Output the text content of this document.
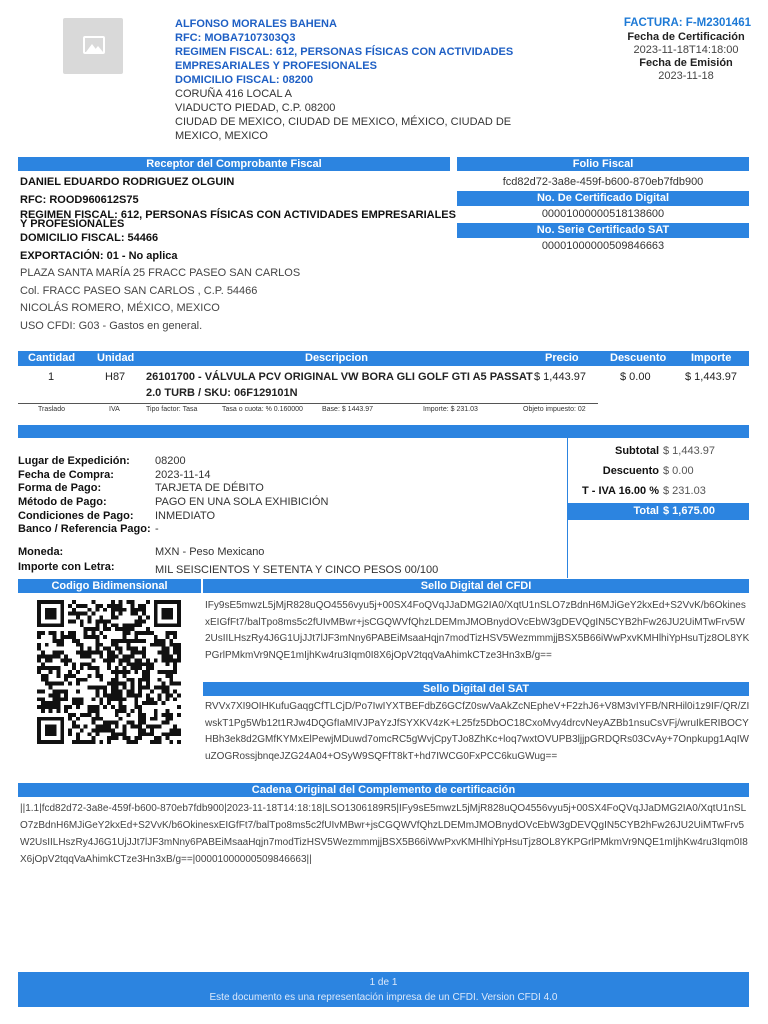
ALFONSO MORALES BAHENA
RFC: MOBA7107303Q3
REGIMEN FISCAL: 612, PERSONAS FÍSICAS CON ACTIVIDADES EMPRESARIALES Y PROFESIONALES
DOMICILIO FISCAL: 08200
CORUÑA 416 LOCAL A
VIADUCTO PIEDAD, C.P. 08200
CIUDAD DE MEXICO, CIUDAD DE MEXICO, MÉXICO, CIUDAD DE MEXICO, MEXICO
FACTURA: F-M2301461
Fecha de Certificación
2023-11-18T14:18:00
Fecha de Emisión
2023-11-18
Receptor del Comprobante Fiscal	Folio Fiscal
DANIEL EDUARDO RODRIGUEZ OLGUIN
RFC: ROOD960612S75
REGIMEN FISCAL: 612, PERSONAS FÍSICAS CON ACTIVIDADES EMPRESARIALES Y PROFESIONALES
DOMICILIO FISCAL: 54466
EXPORTACIÓN: 01 - No aplica
PLAZA SANTA MARÍA 25 FRACC PASEO SAN CARLOS
Col. FRACC PASEO SAN CARLOS , C.P. 54466
NICOLÁS ROMERO, MÉXICO, MEXICO
USO CFDI: G03 - Gastos en general.
fcd82d72-3a8e-459f-b600-870eb7fdb900
No. De Certificado Digital
00001000000518138600
No. Serie Certificado SAT
00001000000509846663
Cantidad Unidad	Descripcion	Precio	Descuento Importe
1	H87 26101700 - VÁLVULA PCV ORIGINAL VW BORA GLI GOLF GTI A5 PASSAT
2.0 TURB / SKU: 06F129101N
$ 1,443.97	$ 0.00	$ 1,443.97
Traslado	IVA	Tipo factor: Tasa	Tasa o cuota: % 0.160000	Base: $ 1443.97	Importe: $ 231.03	Objeto impuesto: 02
Lugar de Expedición: 08200
Fecha de Compra:	2023-11-14
Forma de Pago:	TARJETA DE DÉBITO
Método de Pago:	PAGO EN UNA SOLA EXHIBICIÓN
Condiciones de Pago: INMEDIATO
Banco / Referencia Pago: -
Moneda:	MXN - Peso Mexicano
Importe con Letra:	MIL SEISCIENTOS Y SETENTA Y CINCO PESOS 00/100
Subtotal $ 1,443.97
Descuento $ 0.00
T - IVA 16.00 % $ 231.03
Total $ 1,675.00
Codigo Bidimensional	Sello Digital del CFDI
IFy9sE5mwzL5jMjR828uQO4556vyu5j+00SX4FoQVqJJaDMG2IA0/XqtU1nSLO7zBdnH6MJiGeY2kxEd+S2VvK/b6OkinesxEIGfFt7/balTpo8ms5c2fUIvMBwr+jsCGQWVfQhzLDEMmJMOBnydOVcEbW3gDEVQgIN5CYB2hFw26JU2UiMTwFrv5W2UsIILHszRy4J6G1UjJJt7lJF3mNny6PABEiMsaaHqjn7modTizHSV5WezmmmjjBSX5B66iWwPxvKMHlhiYpHsuTjz8OL8YKPGrlPMkmVr9NQE1mIjhKw4ru3Iqm0I8X6jOpV2tqqVaAhimkCTze3Hn3xB/g==
Sello Digital del SAT
RVVx7XI9OIHKufuGaqgCfTLCjD/Po7IwIYXTBEFdbZ6GCfZ0swVaAkZcNEpheV+F2zhJ6+V8M3vIYFB/NRHil0i1z9IF/QR/ZIwskT1Pg5Wb12t1RJw4DQGfIaMIVJPaYzJfSYXKV4zK+L25fz5DbOC18CxoMvy4drcvNeyAZBb1nsuCsVFj/wruIkERIBOCYHBh3ek8d2GMfKYMxElPewjMDuwd7omcRC5gWvjCpyTJo8ZhKc+loq7wxtOVUPB3ljjpGRDQRs03CvAy+7Onpkupg1AqIWuZOGRossjbnqeJZG24A04+OSyW9SQFfT8kT+hd7IWCG0FxPCC6kuGWug==
Cadena Original del Complemento de certificación
||1.1|fcd82d72-3a8e-459f-b600-870eb7fdb900|2023-11-18T14:18:18|LSO1306189R5|IFy9sE5mwzL5jMjR828uQO4556vyu5j+00SX4FoQVqJJaDMG2IA0/XqtU1nSLO7zBdnH6MJiGeY2kxEd+S2VvK/b6OkinesxEIGfFt7/balTpo8ms5c2fUIvMBwr+jsCGQWVfQhzLDEMmJMOBnydOVcEbW3gDEVQgIN5CYB2hFw26JU2UiMTwFrv5W2UsIILHszRy4J6G1UjJJt7lJF3mNny6PABEiMsaaHqjn7modTizHSV5WezmmmjjBSX5B66iWwPxvKMHlhiYpHsuTjz8OL8YKPGrlPMkmVr9NQE1mIjhKw4ru3Iqm0I8X6jOpV2tqqVaAhimkCTze3Hn3xB/g==|00001000000509846663||
1 de 1
Este documento es una representación impresa de un CFDI. Version CFDI 4.0
